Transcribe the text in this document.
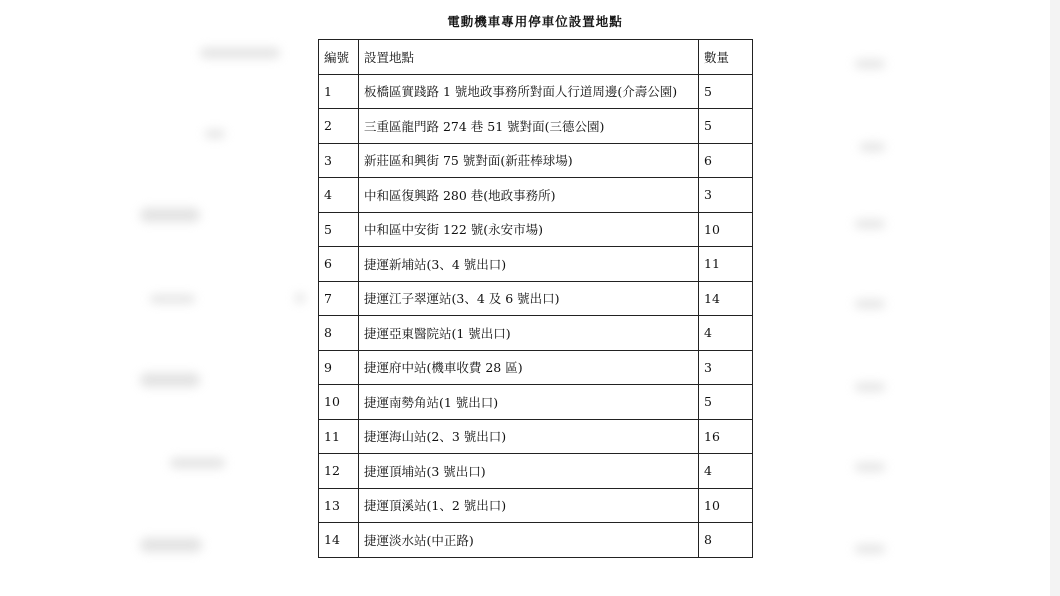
電動機車專用停車位設置地點
編號	設置地點	數量
1	板橋區實踐路 1 號地政事務所對面人行道周邊(介壽公園)	5
2	三重區龍門路 274 巷 51 號對面(三德公園)	5
3	新莊區和興街 75 號對面(新莊棒球場)	6
4	中和區復興路 280 巷(地政事務所)	3
5	中和區中安街 122 號(永安市場)	10
6	捷運新埔站(3、4 號出口)	11
7	捷運江子翠運站(3、4 及 6 號出口)	14
8	捷運亞東醫院站(1 號出口)	4
9	捷運府中站(機車收費 28 區)	3
10	捷運南勢角站(1 號出口)	5
11	捷運海山站(2、3 號出口)	16
12	捷運頂埔站(3 號出口)	4
13	捷運頂溪站(1、2 號出口)	10
14	捷運淡水站(中正路)	8
